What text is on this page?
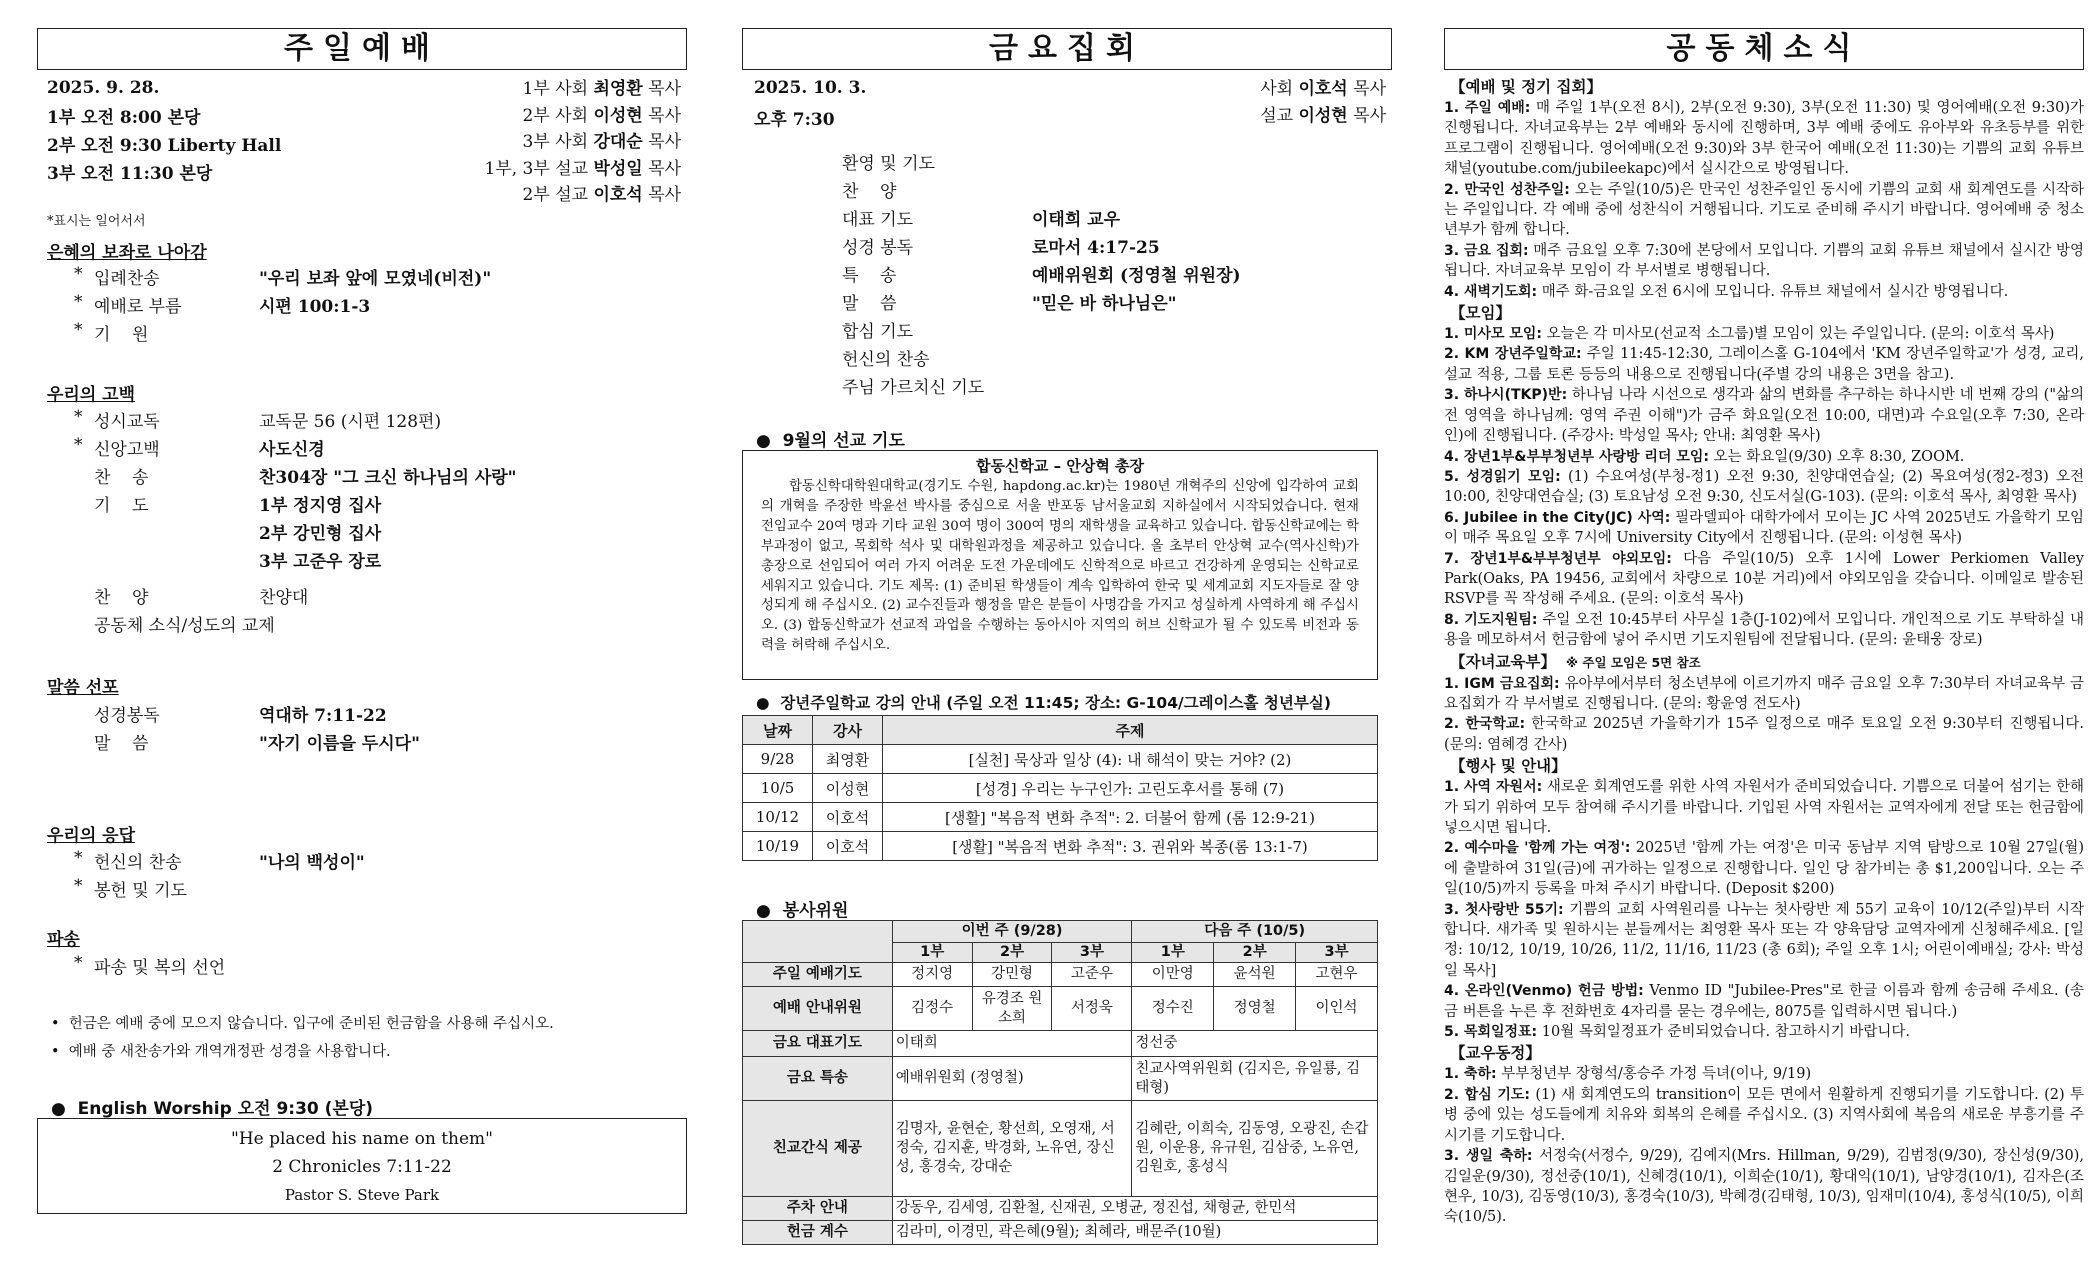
주일예배
2025. 9. 28.
1부 오전 8:00 본당
2부 오전 9:30 Liberty Hall
3부 오전 11:30 본당
1부 사회 최영환 목사
2부 사회 이성현 목사
3부 사회 강대순 목사
1부, 3부 설교 박성일 목사
2부 설교 이호석 목사
*표시는 일어서서
은혜의 보좌로 나아감
* 입례찬송	"우리 보좌 앞에 모였네(비전)"
* 예배로 부름	시편 100:1-3
* 기    원
우리의 고백
* 성시교독	교독문 56 (시편 128편)
* 신앙고백	사도신경
찬    송	찬304장 "그 크신 하나님의 사랑"
기    도	1부 정지영 집사
2부 강민형 집사
3부 고준우 장로
찬    양	찬양대
공동체 소식/성도의 교제
말씀 선포
성경봉독	역대하 7:11-22
말    씀	"자기 이름을 두시다"
우리의 응답
* 헌신의 찬송	"나의 백성이"
* 봉헌 및 기도
파송
* 파송 및 복의 선언
•  헌금은 예배 중에 모으지 않습니다. 입구에 준비된 헌금함을 사용해 주십시오.
•  예배 중 새찬송가와 개역개정판 성경을 사용합니다.
●  English Worship 오전 9:30 (본당)
"He placed his name on them"
2 Chronicles 7:11-22
Pastor S. Steve Park
금요집회
2025. 10. 3.
오후 7:30
사회 이호석 목사
설교 이성현 목사
환영 및 기도
찬    양
대표 기도	이태희 교우
성경 봉독	로마서 4:17-25
특    송	예배위원회 (정영철 위원장)
말    씀	"믿은 바 하나님은"
합심 기도
헌신의 찬송
주님 가르치신 기도
●  9월의 선교 기도
합동신학교 – 안상혁 총장

합동신학대학원대학교(경기도 수원, hapdong.ac.kr)는 1980년 개혁주의 신앙에 입각하여 교회의 개혁을 주장한 박윤선 박사를 중심으로 서울 반포동 남서울교회 지하실에서 시작되었습니다. 현재 전임교수 20여 명과 기타 교원 30여 명이 300여 명의 재학생을 교육하고 있습니다. 합동신학교에는 학부과정이 없고, 목회학 석사 및 대학원과정을 제공하고 있습니다. 올 초부터 안상혁 교수(역사신학)가 총장으로 선임되어 여러 가지 어려운 도전 가운데에도 신학적으로 바르고 건강하게 운영되는 신학교로 세워지고 있습니다. 기도 제목: (1) 준비된 학생들이 계속 입학하여 한국 및 세계교회 지도자들로 잘 양성되게 해 주십시오. (2) 교수진들과 행정을 맡은 분들이 사명감을 가지고 성실하게 사역하게 해 주십시오. (3) 합동신학교가 선교적 과업을 수행하는 동아시아 지역의 허브 신학교가 될 수 있도록 비전과 동력을 허락해 주십시오.

●  장년주일학교 강의 안내 (주일 오전 11:45; 장소: G-104/그레이스홀 청년부실)
날짜	강사	주제
9/28	최영환	[실천] 묵상과 일상 (4): 내 해석이 맞는 거야? (2)
10/5	이성현	[성경] 우리는 누구인가: 고린도후서를 통해 (7)
10/12	이호석	[생활] "복음적 변화 추적": 2. 더불어 함께 (롬 12:9-21)
10/19	이호석	[생활] "복음적 변화 추적": 3. 권위와 복종(롬 13:1-7)
●  봉사위원
	이번 주 (9/28)			다음 주 (10/5)		
	1부	2부	3부	1부	2부	3부
주일 예배기도	정지영	강민형	고준우	이만영	윤석원	고현우
예배 안내위원	김정수	유경조 원소희	서정욱	정수진	정영철	이인석
금요 대표기도	이태희			정선중		
금요 특송	예배위원회 (정영철)			친교사역위원회 (김지은, 유일룡, 김태형)		
친교간식 제공	김명자, 윤현순, 황선희, 오영재, 서정숙, 김지훈, 박경화, 노유연, 장신성, 홍경숙, 강대순			김혜란, 이희숙, 김동영, 오광진, 손갑원, 이운용, 유규원, 김삼중, 노유연, 김원호, 홍성식		
주차 안내	강동우, 김세영, 김환철, 신재권, 오병균, 정진섭, 채형균, 한민석					
헌금 계수	김라미, 이경민, 곽은혜(9월); 최혜라, 배문주(10월)					
공동체소식
【예배 및 정기 집회】

1. 주일 예배: 매 주일 1부(오전 8시), 2부(오전 9:30), 3부(오전 11:30) 및 영어예배(오전 9:30)가 진행됩니다. 자녀교육부는 2부 예배와 동시에 진행하며, 3부 예배 중에도 유아부와 유초등부를 위한 프로그램이 진행됩니다. 영어예배(오전 9:30)와 3부 한국어 예배(오전 11:30)는 기쁨의 교회 유튜브 채널(youtube.com/jubileekapc)에서 실시간으로 방영됩니다.

2. 만국인 성찬주일: 오는 주일(10/5)은 만국인 성찬주일인 동시에 기쁨의 교회 새 회계연도를 시작하는 주일입니다. 각 예배 중에 성찬식이 거행됩니다. 기도로 준비해 주시기 바랍니다. 영어예배 중 청소년부가 함께 합니다.

3. 금요 집회: 매주 금요일 오후 7:30에 본당에서 모입니다. 기쁨의 교회 유튜브 채널에서 실시간 방영됩니다. 자녀교육부 모임이 각 부서별로 병행됩니다.

4. 새벽기도회: 매주 화-금요일 오전 6시에 모입니다. 유튜브 채널에서 실시간 방영됩니다.

【모임】

1. 미사모 모임: 오늘은 각 미사모(선교적 소그룹)별 모임이 있는 주일입니다. (문의: 이호석 목사)

2. KM 장년주일학교: 주일 11:45-12:30, 그레이스홀 G-104에서 'KM 장년주일학교'가 성경, 교리, 설교 적용, 그룹 토론 등등의 내용으로 진행됩니다(주별 강의 내용은 3면을 참고).

3. 하나시(TKP)반: 하나님 나라 시선으로 생각과 삶의 변화를 추구하는 하나시반 네 번째 강의 ("삶의 전 영역을 하나님께: 영역 주권 이해")가 금주 화요일(오전 10:00, 대면)과 수요일(오후 7:30, 온라인)에 진행됩니다. (주강사: 박성일 목사; 안내: 최영환 목사)

4. 장년1부&부부청년부 사랑방 리더 모임: 오는 화요일(9/30) 오후 8:30, ZOOM.

5. 성경읽기 모임: (1) 수요여성(부청-정1) 오전 9:30, 친양대연습실; (2) 목요여성(정2-정3) 오전 10:00, 친양대연습실; (3) 토요남성 오전 9:30, 신도서실(G-103). (문의: 이호석 목사, 최영환 목사)

6. Jubilee in the City(JC) 사역: 필라델피아 대학가에서 모이는 JC 사역 2025년도 가을학기 모임이 매주 목요일 오후 7시에 University City에서 진행됩니다. (문의: 이성현 목사)

7. 장년1부&부부청년부 야외모임: 다음 주일(10/5) 오후 1시에 Lower Perkiomen Valley Park(Oaks, PA 19456, 교회에서 차량으로 10분 거리)에서 야외모임을 갖습니다. 이메일로 발송된 RSVP를 꼭 작성해 주세요. (문의: 이호석 목사)

8. 기도지원팀: 주일 오전 10:45부터 사무실 1층(J-102)에서 모입니다. 개인적으로 기도 부탁하실 내용을 메모하셔서 헌금함에 넣어 주시면 기도지원팀에 전달됩니다. (문의: 윤태웅 장로)

【자녀교육부】 ※ 주일 모임은 5면 참조

1. IGM 금요집회: 유아부에서부터 청소년부에 이르기까지 매주 금요일 오후 7:30부터 자녀교육부 금요집회가 각 부서별로 진행됩니다. (문의: 황윤영 전도사)

2. 한국학교: 한국학교 2025년 가을학기가 15주 일정으로 매주 토요일 오전 9:30부터 진행됩니다. (문의: 염혜경 간사)

【행사 및 안내】

1. 사역 자원서: 새로운 회계연도를 위한 사역 자원서가 준비되었습니다. 기쁨으로 더불어 섬기는 한해가 되기 위하여 모두 참여해 주시기를 바랍니다. 기입된 사역 자원서는 교역자에게 전달 또는 헌금함에 넣으시면 됩니다.

2. 예수마을 '함께 가는 여정': 2025년 '함께 가는 여정'은 미국 동남부 지역 탐방으로 10월 27일(월)에 출발하여 31일(금)에 귀가하는 일정으로 진행합니다. 일인 당 참가비는 총 $1,200입니다. 오는 주일(10/5)까지 등록을 마쳐 주시기 바랍니다. (Deposit $200)

3. 첫사랑반 55기: 기쁨의 교회 사역원리를 나누는 첫사랑반 제 55기 교육이 10/12(주일)부터 시작합니다. 새가족 및 원하시는 분들께서는 최영환 목사 또는 각 양육담당 교역자에게 신청해주세요. [일정: 10/12, 10/19, 10/26, 11/2, 11/16, 11/23 (총 6회); 주일 오후 1시; 어린이예배실; 강사: 박성일 목사]

4. 온라인(Venmo) 헌금 방법: Venmo ID "Jubilee-Pres"로 한글 이름과 함께 송금해 주세요. (송금 버튼을 누른 후 전화번호 4자리를 묻는 경우에는, 8075를 입력하시면 됩니다.)

5. 목회일정표: 10월 목회일정표가 준비되었습니다. 참고하시기 바랍니다.

【교우동정】

1. 축하: 부부청년부 장형석/홍승주 가정 득녀(이나, 9/19)

2. 합심 기도: (1) 새 회계연도의 transition이 모든 면에서 원활하게 진행되기를 기도합니다. (2) 투병 중에 있는 성도들에게 치유와 회복의 은혜를 주십시오. (3) 지역사회에 복음의 새로운 부흥기를 주시기를 기도합니다.

3. 생일 축하: 서정숙(서정수, 9/29), 김예지(Mrs. Hillman, 9/29), 김범정(9/30), 장신성(9/30), 김일운(9/30), 정선중(10/1), 신혜경(10/1), 이희순(10/1), 황대익(10/1), 남양경(10/1), 김자은(조현우, 10/3), 김동영(10/3), 홍경숙(10/3), 박혜경(김태형, 10/3), 임재미(10/4), 홍성식(10/5), 이희숙(10/5).
